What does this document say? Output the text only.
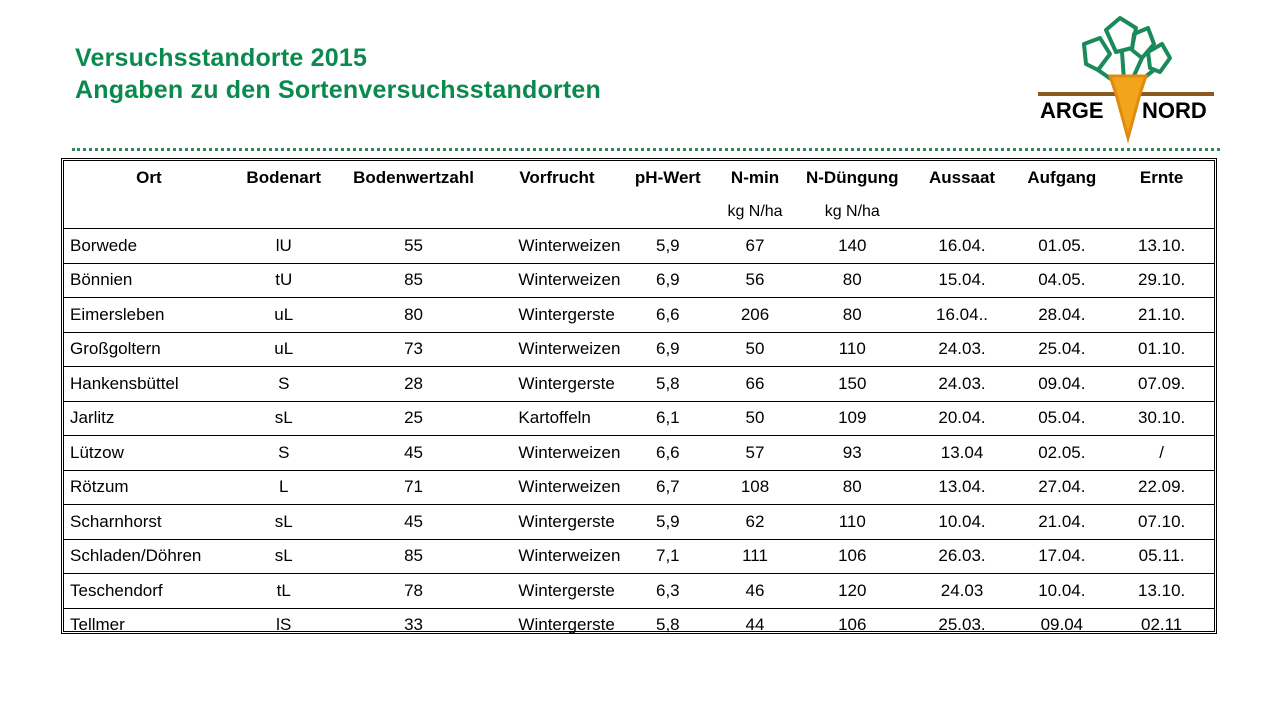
Versuchsstandorte 2015
Angaben zu den Sortenversuchsstandorten
ARGE NORD
Ort	Bodenart	Bodenwertzahl	Vorfrucht	pH-Wert	N-min	N-Düngung	Aussaat	Aufgang	Ernte
					kg N/ha	kg N/ha			
Borwede	lU	55	Winterweizen	5,9	67	140	16.04.	01.05.	13.10.
Bönnien	tU	85	Winterweizen	6,9	56	80	15.04.	04.05.	29.10.
Eimersleben	uL	80	Wintergerste	6,6	206	80	16.04..	28.04.	21.10.
Großgoltern	uL	73	Winterweizen	6,9	50	110	24.03.	25.04.	01.10.
Hankensbüttel	S	28	Wintergerste	5,8	66	150	24.03.	09.04.	07.09.
Jarlitz	sL	25	Kartoffeln	6,1	50	109	20.04.	05.04.	30.10.
Lützow	S	45	Winterweizen	6,6	57	93	13.04	02.05.	/
Rötzum	L	71	Winterweizen	6,7	108	80	13.04.	27.04.	22.09.
Scharnhorst	sL	45	Wintergerste	5,9	62	110	10.04.	21.04.	07.10.
Schladen/Döhren	sL	85	Winterweizen	7,1	111	106	26.03.	17.04.	05.11.
Teschendorf	tL	78	Wintergerste	6,3	46	120	24.03	10.04.	13.10.
Tellmer	lS	33	Wintergerste	5,8	44	106	25.03.	09.04	02.11
